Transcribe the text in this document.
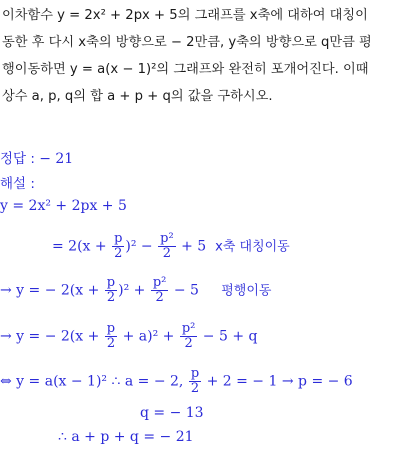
이차함수 y = 2x² + 2px + 5의 그래프를 x축에 대하여 대칭이
동한 후 다시 x축의 방향으로 − 2만큼, y축의 방향으로 q만큼 평
행이동하면 y = a(x − 1)²의 그래프와 완전히 포개어진다. 이때
상수 a, p, q의 합 a + p + q의 값을 구하시오.
정답 : − 21
해설 :
y = 2x² + 2px + 5
= $2(x + \frac{p}{2} )^2 - \frac{\text{p²}}{2} + 5$ x축 대칭이동
→ y = − $2(x + \frac{p}{2} )^2 + \frac{\text{p²}}{2} - 5$ 평행이동
→ y = − $2(x + \frac{p}{2} + a)^2 + \frac{\text{p²}}{2} - 5 + q$
⇔ y = a(x − 1)² ∴ a = − 2, $\frac{p}{2} + 2$ = − 1 → p = − 6
q = − 13
∴ a + p + q = − 21
